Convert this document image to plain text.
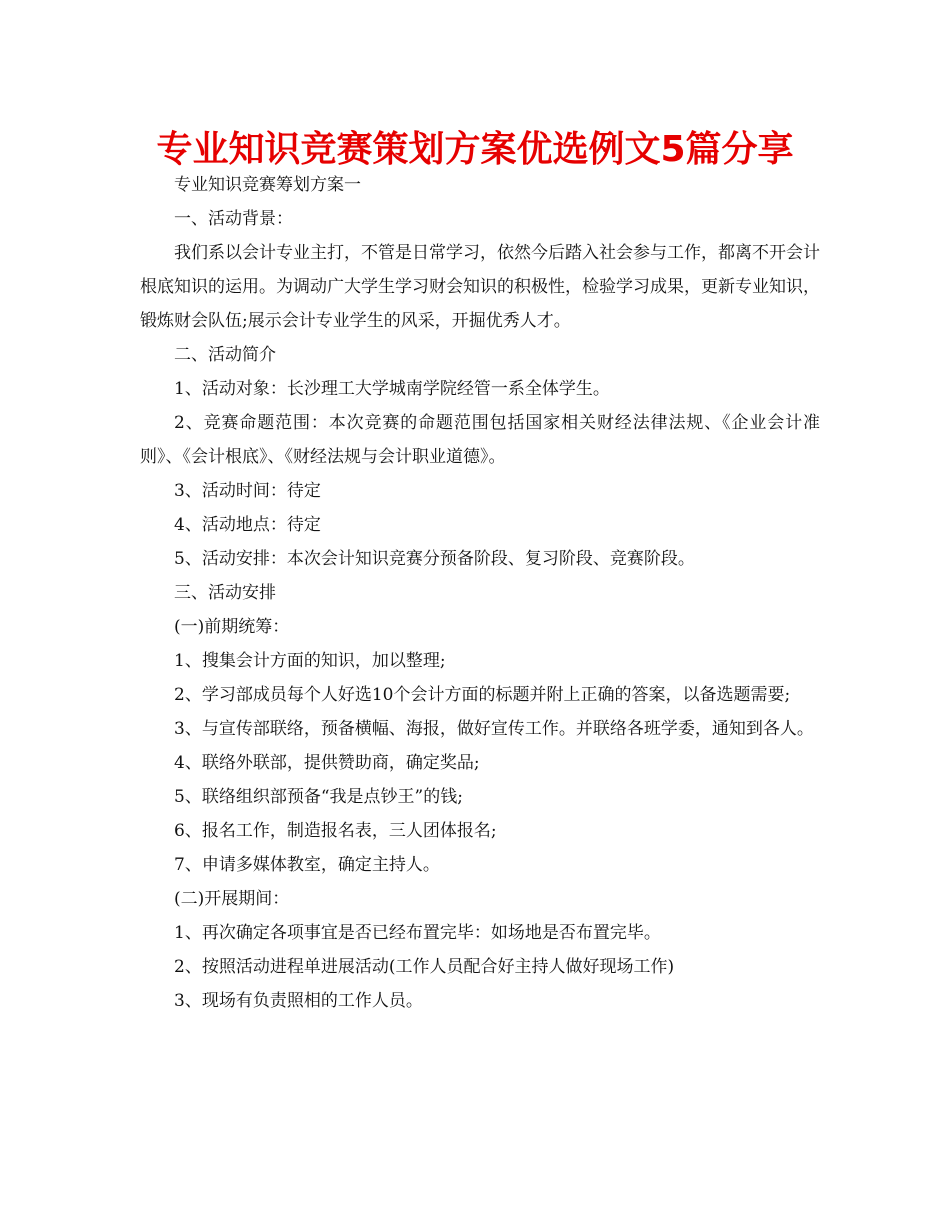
专业知识竞赛策划方案优选例文5篇分享

专业知识竞赛筹划方案一

一、活动背景：

我们系以会计专业主打，不管是日常学习，依然今后踏入社会参与工作，都离不开会计根底知识的运用。为调动广大学生学习财会知识的积极性，检验学习成果，更新专业知识，锻炼财会队伍;展示会计专业学生的风采，开掘优秀人才。

二、活动简介

1、活动对象：长沙理工大学城南学院经管一系全体学生。

2、竞赛命题范围：本次竞赛的命题范围包括国家相关财经法律法规、《企业会计准则》、《会计根底》、《财经法规与会计职业道德》。

3、活动时间：待定

4、活动地点：待定

5、活动安排：本次会计知识竞赛分预备阶段、复习阶段、竞赛阶段。

三、活动安排

(一)前期统筹：

1、搜集会计方面的知识，加以整理;

2、学习部成员每个人好选10个会计方面的标题并附上正确的答案，以备选题需要;

3、与宣传部联络，预备横幅、海报，做好宣传工作。并联络各班学委，通知到各人。

4、联络外联部，提供赞助商，确定奖品;

5、联络组织部预备“我是点钞王”的钱;

6、报名工作，制造报名表，三人团体报名;

7、申请多媒体教室，确定主持人。

(二)开展期间：

1、再次确定各项事宜是否已经布置完毕：如场地是否布置完毕。

2、按照活动进程单进展活动(工作人员配合好主持人做好现场工作)

3、现场有负责照相的工作人员。
